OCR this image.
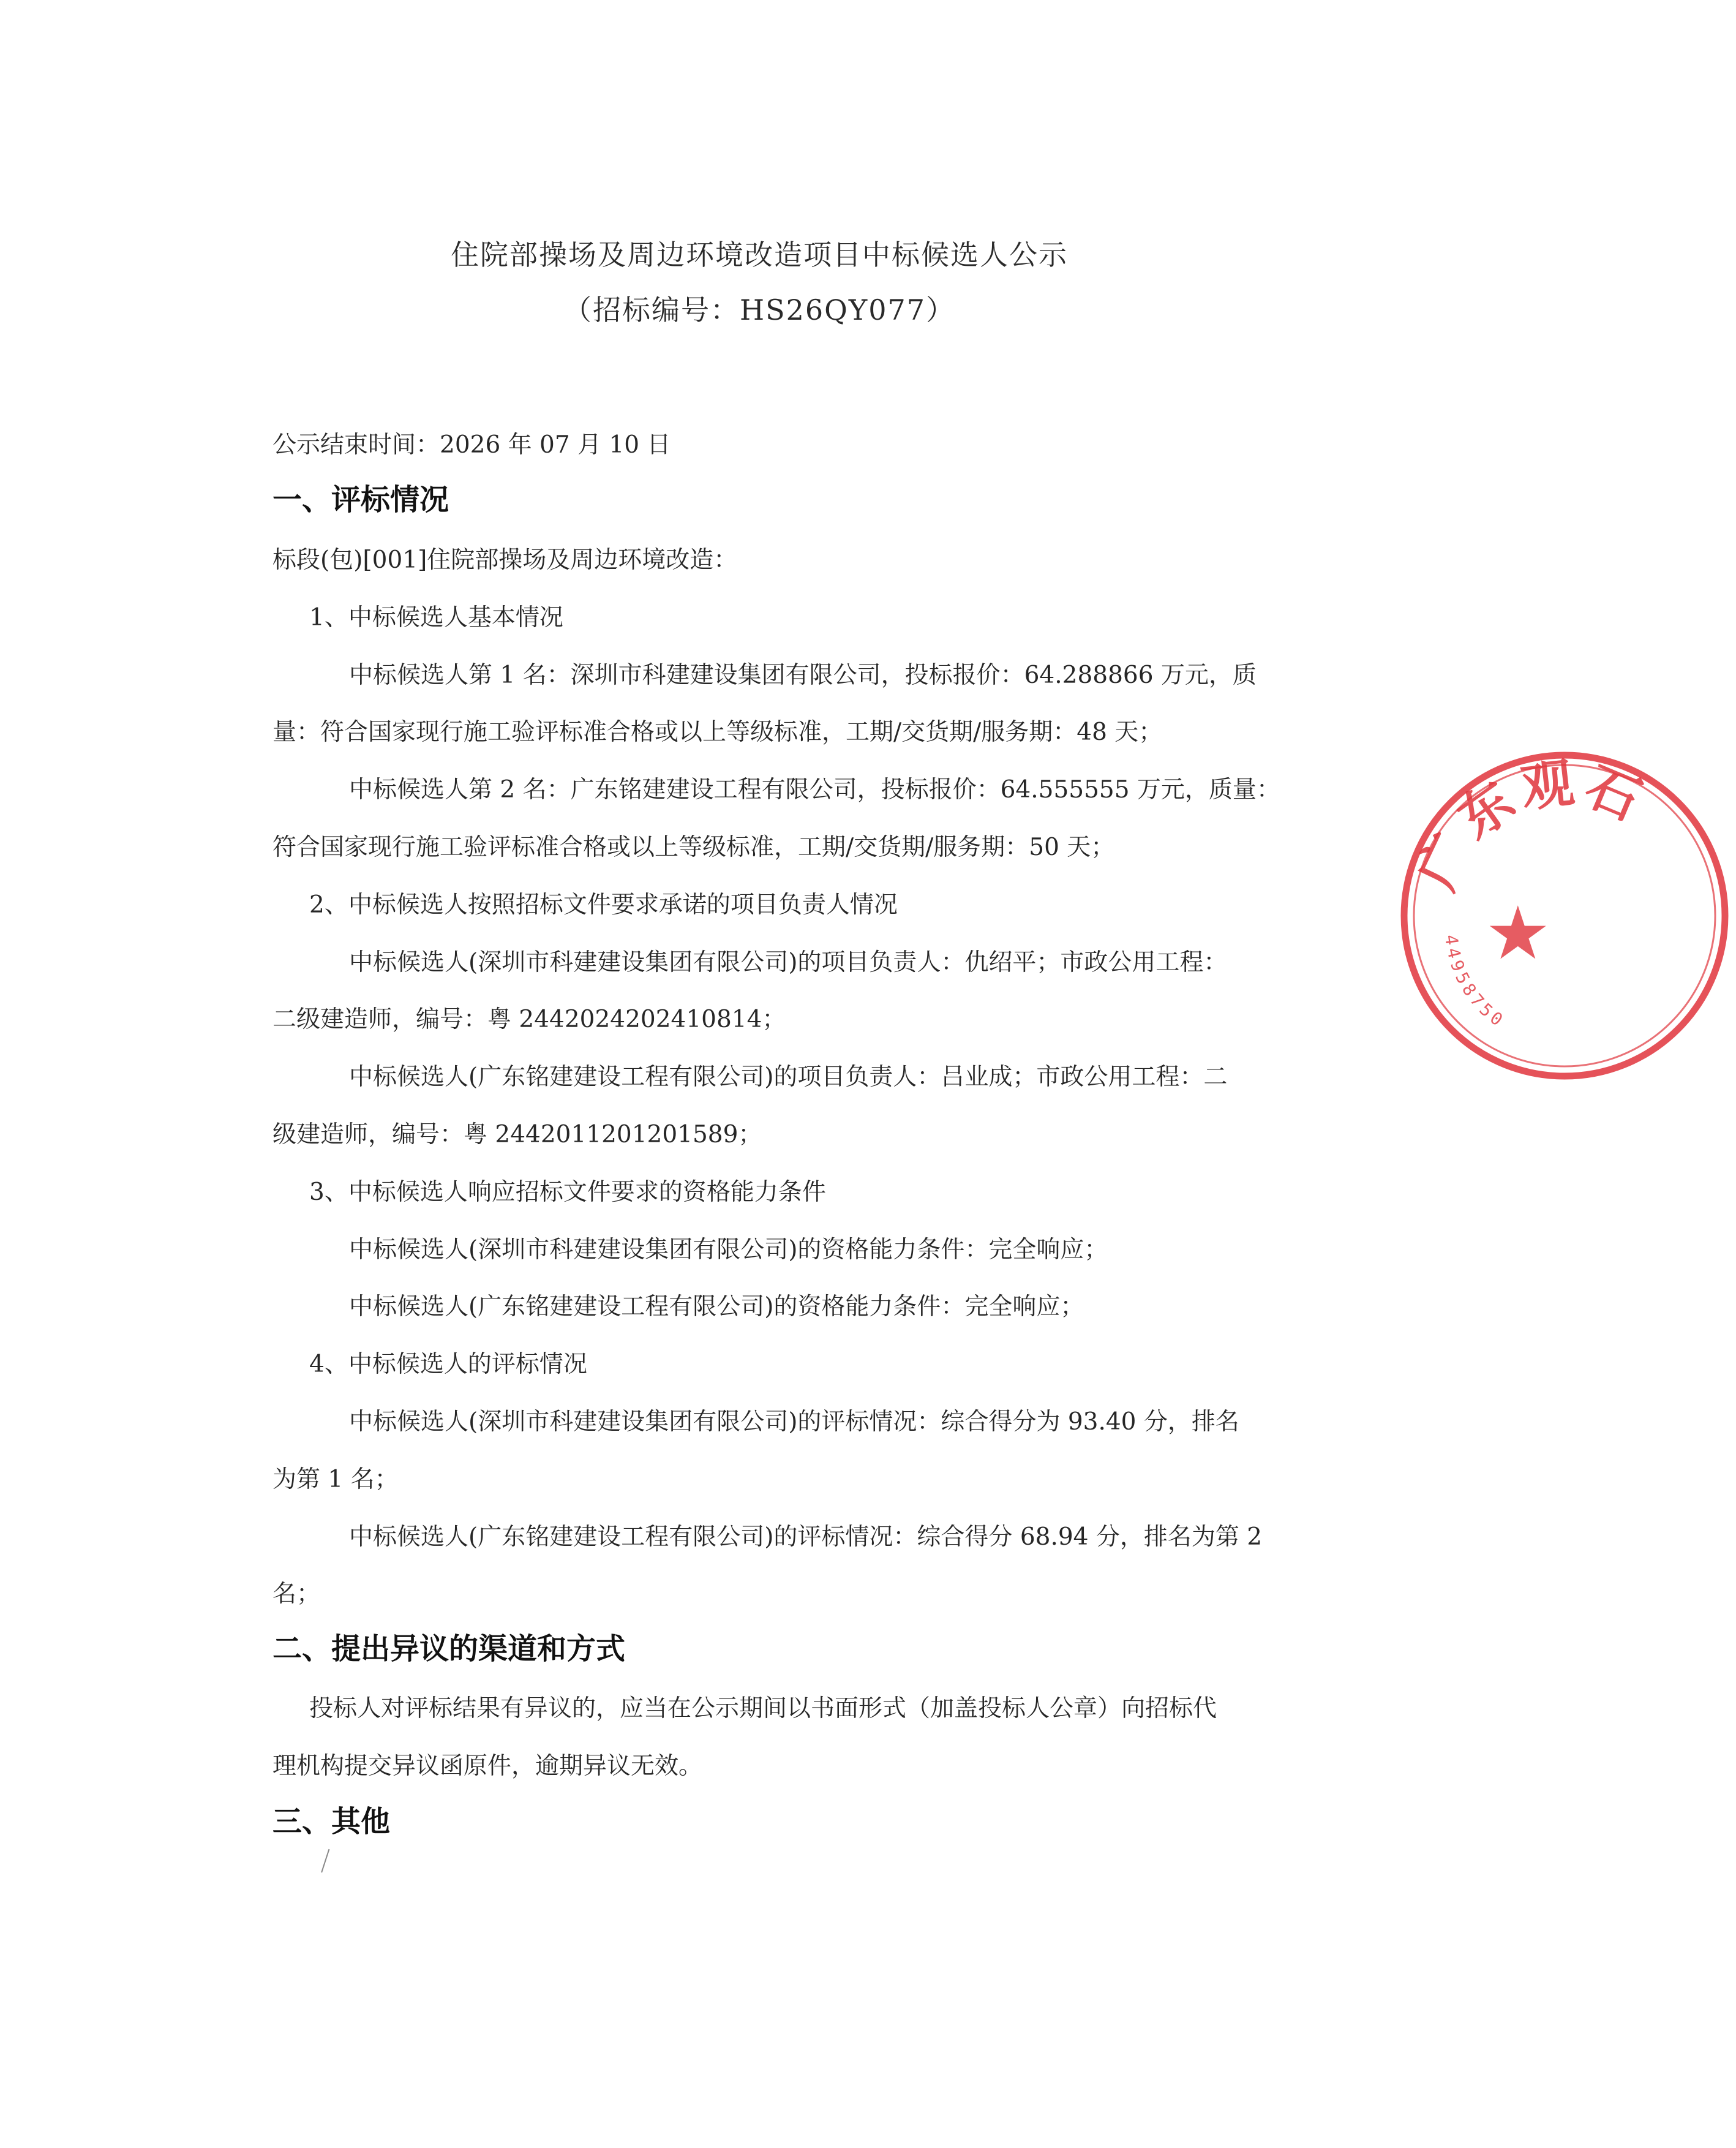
住院部操场及周边环境改造项目中标候选人公示
（招标编号：HS26QY077）
公示结束时间：2026 年 07 月 10 日
一、评标情况
标段(包)[001]住院部操场及周边环境改造：
1、中标候选人基本情况
中标候选人第 1 名：深圳市科建建设集团有限公司，投标报价：64.288866 万元，质
量：符合国家现行施工验评标准合格或以上等级标准，工期/交货期/服务期：48 天；
中标候选人第 2 名：广东铭建建设工程有限公司，投标报价：64.555555 万元，质量：
符合国家现行施工验评标准合格或以上等级标准，工期/交货期/服务期：50 天；
2、中标候选人按照招标文件要求承诺的项目负责人情况
中标候选人(深圳市科建建设集团有限公司)的项目负责人：仇绍平；市政公用工程：
二级建造师，编号：粤 2442024202410814；
中标候选人(广东铭建建设工程有限公司)的项目负责人：吕业成；市政公用工程：二
级建造师，编号：粤 2442011201201589；
3、中标候选人响应招标文件要求的资格能力条件
中标候选人(深圳市科建建设集团有限公司)的资格能力条件：完全响应；
中标候选人(广东铭建建设工程有限公司)的资格能力条件：完全响应；
4、中标候选人的评标情况
中标候选人(深圳市科建建设集团有限公司)的评标情况：综合得分为 93.40 分，排名
为第 1 名；
中标候选人(广东铭建建设工程有限公司)的评标情况：综合得分 68.94 分，排名为第 2
名；
二、提出异议的渠道和方式
投标人对评标结果有异议的，应当在公示期间以书面形式（加盖投标人公章）向招标代
理机构提交异议函原件，逾期异议无效。
三、其他
广东观石
44958750
★
